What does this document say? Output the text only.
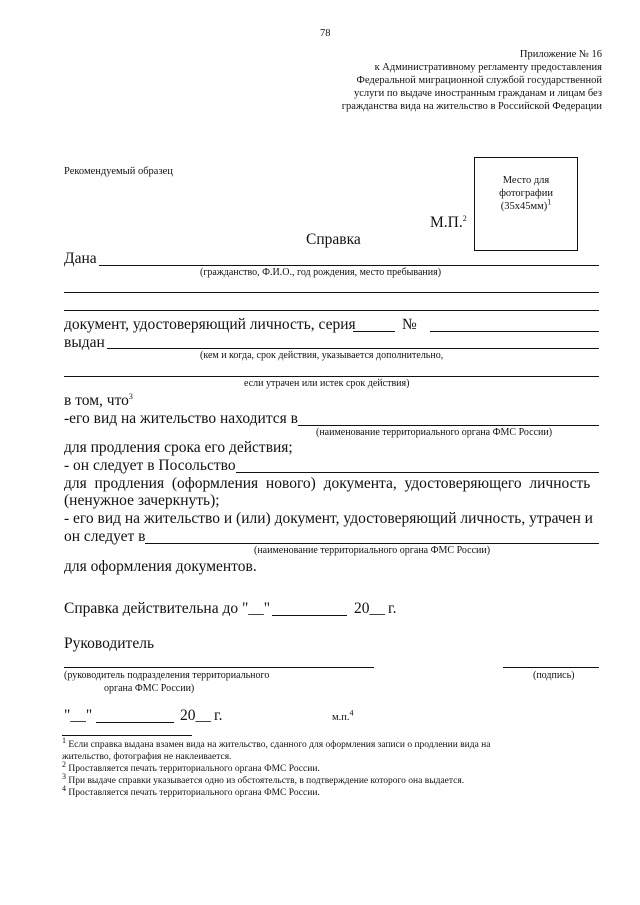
78
Приложение № 16
к Административному регламенту предоставления
Федеральной миграционной службой государственной
услуги по выдаче иностранным гражданам и лицам без
гражданства вида на жительство в Российской Федерации
Рекомендуемый образец
Место для
фотографии
$(35x45мм)^1$
М.П.$^2$
Справка
Дана
(гражданство, Ф.И.О., год рождения, место пребывания)
документ, удостоверяющий личность, серия	№
выдан
(кем и когда, срок действия, указывается дополнительно,
если утрачен или истек срок действия)
в том, что$^3$
-его вид на жительство находится в
(наименование территориального органа ФМС России)
для продления срока его действия;
- он следует в Посольство
для  продления  (оформления  нового)  документа,  удостоверяющего  личность
(ненужное зачеркнуть);
- его вид на жительство и (или) документ, удостоверяющий личность, утрачен и
он следует в
(наименование территориального органа ФМС России)
для оформления документов.
Справка действительна до "__"	20__ г.
Руководитель
(руководитель подразделения территориального
органа ФМС России)
(подпись)
"__"	20__ г.	м.п.$^4$
$^1$ Если справка выдана взамен вида на жительство, сданного для оформления записи о продлении вида на
жительство, фотография не наклеивается.
$^2$ Проставляется печать территориального органа ФМС России.
$^3$ При выдаче справки указывается одно из обстоятельств, в подтверждение которого она выдается.
$^4$ Проставляется печать территориального органа ФМС России.
